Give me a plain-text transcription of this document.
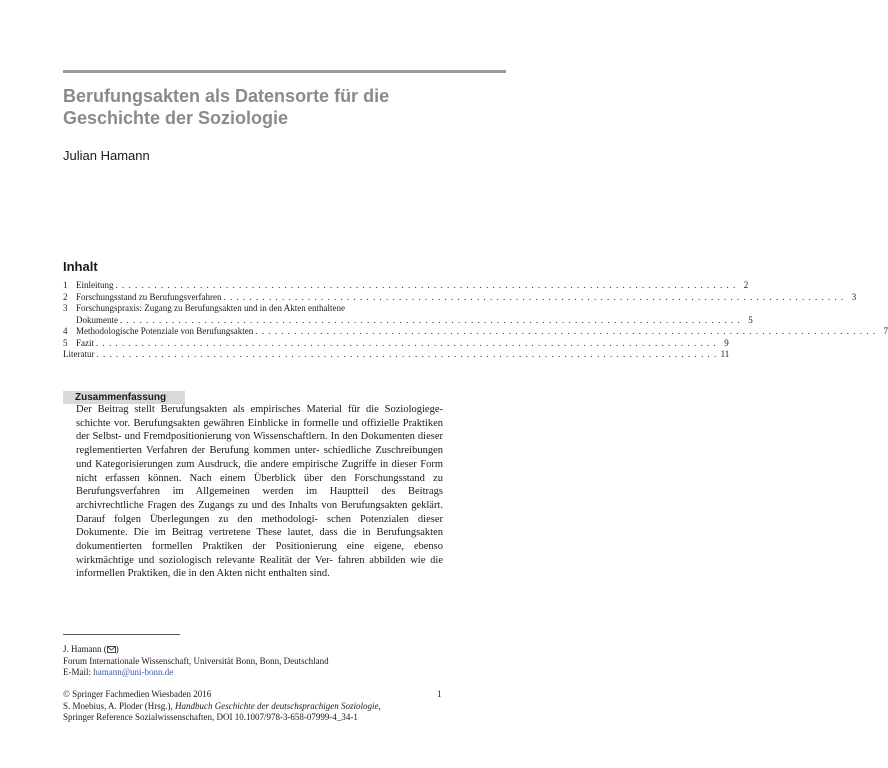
Berufungsakten als Datensorte für die
Geschichte der Soziologie
Julian Hamann
Inhalt
1 Einleitung . . . . . . . . . . . . . . . . . . . . . . . . . . . . . . . . . . . . . . . . . . . . . . . . . . . . . . . . . . . . . . . . . . . . . . . . . . . . . . . . . . . . . . . . . . . . . . . . 2
2 Forschungsstand zu Berufungsverfahren . . . . . . . . . . . . . . . . . . . . . . . . . . . . . . . . . . . . . . . . . . . . . . . . . . . . . . . . . . . . . . . . . . . . . . . . . . . . . . . . . . . . . . . . . . . . . . . . 3
3 Forschungspraxis: Zugang zu Berufungsakten und in den Akten enthaltene
Dokumente . . . . . . . . . . . . . . . . . . . . . . . . . . . . . . . . . . . . . . . . . . . . . . . . . . . . . . . . . . . . . . . . . . . . . . . . . . . . . . . . . . . . . . . . . . . . . . . . 5
4 Methodologische Potenziale von Berufungsakten . . . . . . . . . . . . . . . . . . . . . . . . . . . . . . . . . . . . . . . . . . . . . . . . . . . . . . . . . . . . . . . . . . . . . . . . . . . . . . . . . . . . . . . . . . . . . . . . 7
5 Fazit . . . . . . . . . . . . . . . . . . . . . . . . . . . . . . . . . . . . . . . . . . . . . . . . . . . . . . . . . . . . . . . . . . . . . . . . . . . . . . . . . . . . . . . . . . . . . . . . 9
Literatur . . . . . . . . . . . . . . . . . . . . . . . . . . . . . . . . . . . . . . . . . . . . . . . . . . . . . . . . . . . . . . . . . . . . . . . . . . . . . . . . . . . . . . . . . . . . . . . . 11
Zusammenfassung

Der Beitrag stellt Berufungsakten als empirisches Material für die Soziologiege- schichte vor. Berufungsakten gewähren Einblicke in formelle und offizielle Praktiken der Selbst- und Fremdpositionierung von Wissenschaftlern. In den Dokumenten dieser reglementierten Verfahren der Berufung kommen unter- schiedliche Zuschreibungen und Kategorisierungen zum Ausdruck, die andere empirische Zugriffe in dieser Form nicht erfassen können. Nach einem Überblick über den Forschungsstand zu Berufungsverfahren im Allgemeinen werden im Hauptteil des Beitrags archivrechtliche Fragen des Zugangs zu und des Inhalts von Berufungsakten geklärt. Darauf folgen Überlegungen zu den methodologi- schen Potenzialen dieser Dokumente. Die im Beitrag vertretene These lautet, dass die in Berufungsakten dokumentierten formellen Praktiken der Positionierung eine eigene, ebenso wirkmächtige und soziologisch relevante Realität der Ver- fahren abbilden wie die informellen Praktiken, die in den Akten nicht enthalten sind.

J. Hamann ( )
Forum Internationale Wissenschaft, Universität Bonn, Bonn, Deutschland
E-Mail: hamann@uni-bonn.de
© Springer Fachmedien Wiesbaden 2016
S. Moebius, A. Ploder (Hrsg.), Handbuch Geschichte der deutschsprachigen Soziologie,
Springer Reference Sozialwissenschaften, DOI 10.1007/978-3-658-07999-4_34-1
1
